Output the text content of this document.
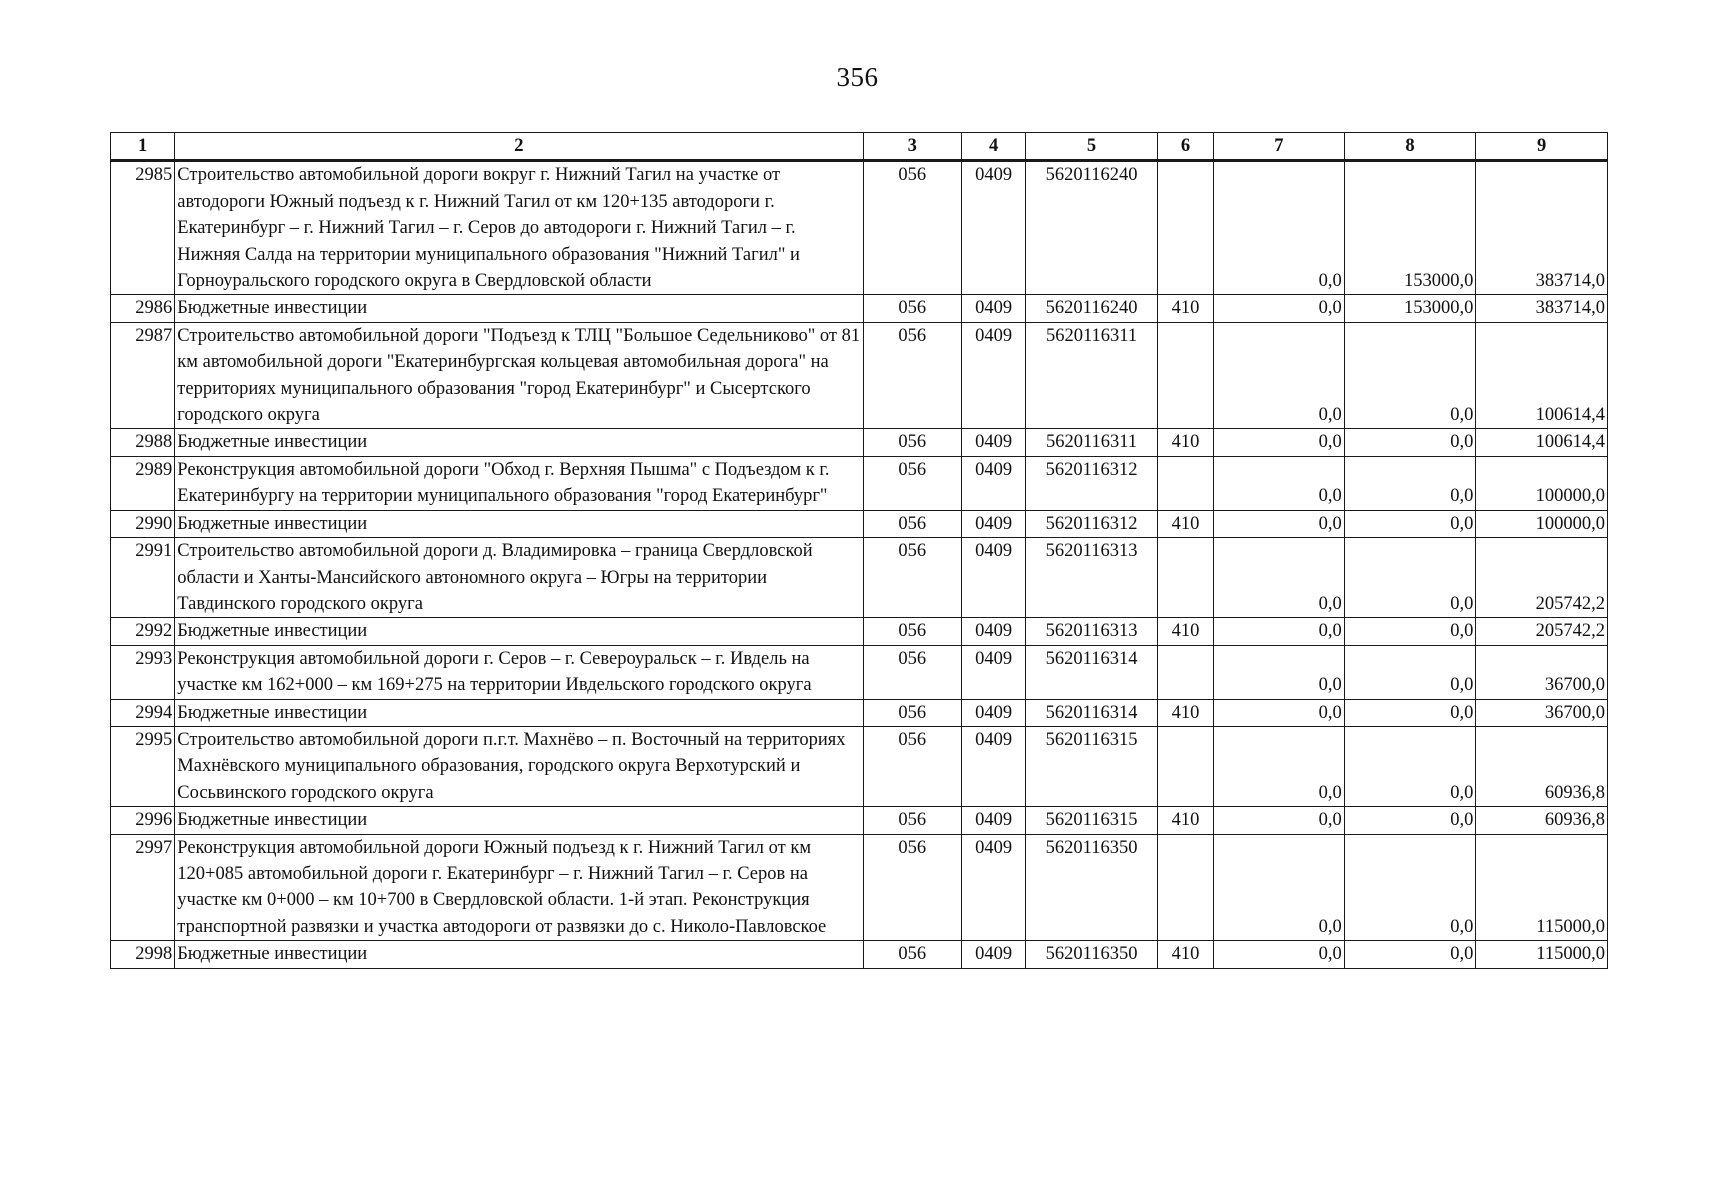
356
1	2	3	4	5	6	7	8	9
2985	Строительство автомобильной дороги вокруг г. Нижний Тагил на участке от автодороги Южный подъезд к г. Нижний Тагил от км 120+135 автодороги г. Екатеринбург – г. Нижний Тагил – г. Серов до автодороги г. Нижний Тагил – г. Нижняя Салда на территории муниципального образования "Нижний Тагил" и Горноуральского городского округа в Свердловской области	056	0409	5620116240		0,0	153000,0	383714,0
2986	Бюджетные инвестиции	056	0409	5620116240	410	0,0	153000,0	383714,0
2987	Строительство автомобильной дороги "Подъезд к ТЛЦ "Большое Седельниково" от 81 км автомобильной дороги "Екатеринбургская кольцевая автомобильная дорога" на территориях муниципального образования "город Екатеринбург" и Сысертского городского округа	056	0409	5620116311		0,0	0,0	100614,4
2988	Бюджетные инвестиции	056	0409	5620116311	410	0,0	0,0	100614,4
2989	Реконструкция автомобильной дороги "Обход г. Верхняя Пышма" с Подъездом к г. Екатеринбургу на территории муниципального образования "город Екатеринбург"	056	0409	5620116312		0,0	0,0	100000,0
2990	Бюджетные инвестиции	056	0409	5620116312	410	0,0	0,0	100000,0
2991	Строительство автомобильной дороги д. Владимировка – граница Свердловской области и Ханты-Мансийского автономного округа – Югры на территории Тавдинского городского округа	056	0409	5620116313		0,0	0,0	205742,2
2992	Бюджетные инвестиции	056	0409	5620116313	410	0,0	0,0	205742,2
2993	Реконструкция автомобильной дороги г. Серов – г. Североуральск – г. Ивдель на участке км 162+000 – км 169+275 на территории Ивдельского городского округа	056	0409	5620116314		0,0	0,0	36700,0
2994	Бюджетные инвестиции	056	0409	5620116314	410	0,0	0,0	36700,0
2995	Строительство автомобильной дороги п.г.т. Махнёво – п. Восточный на территориях Махнёвского муниципального образования, городского округа Верхотурский и Сосьвинского городского округа	056	0409	5620116315		0,0	0,0	60936,8
2996	Бюджетные инвестиции	056	0409	5620116315	410	0,0	0,0	60936,8
2997	Реконструкция автомобильной дороги Южный подъезд к г. Нижний Тагил от км 120+085 автомобильной дороги г. Екатеринбург – г. Нижний Тагил – г. Серов на участке км 0+000 – км 10+700 в Свердловской области. 1-й этап. Реконструкция транспортной развязки и участка автодороги от развязки до с. Николо-Павловское	056	0409	5620116350		0,0	0,0	115000,0
2998	Бюджетные инвестиции	056	0409	5620116350	410	0,0	0,0	115000,0
